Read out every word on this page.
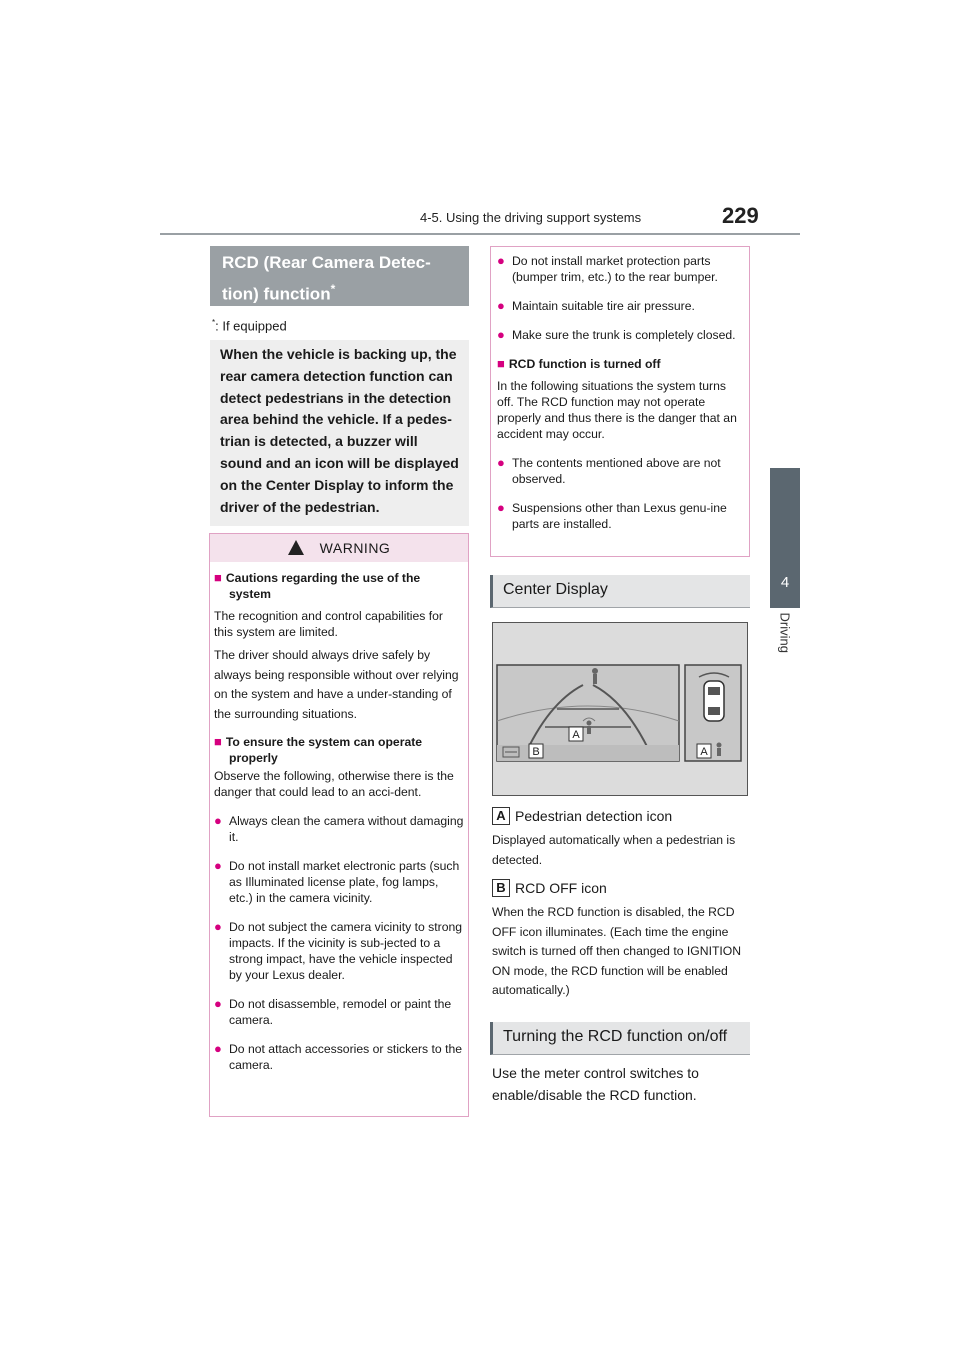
4-5. Using the driving support systems	229
4
Driving
RCD (Rear Camera Detec-
tion) function*
*: If equipped
When the vehicle is backing up, the
rear camera detection function can
detect pedestrians in the detection
area behind the vehicle. If a pedes-
trian is detected, a buzzer will
sound and an icon will be displayed
on the Center Display to inform the
driver of the pedestrian.
WARNING
■ Cautions regarding the use of the system

The recognition and control capabilities for this system are limited.

The driver should always drive safely by always being responsible without over relying on the system and have a under-standing of the surrounding situations.

■ To ensure the system can operate properly

Observe the following, otherwise there is the danger that could lead to an acci-dent.

● Always clean the camera without damaging it.
● Do not install market electronic parts (such as Illuminated license plate, fog lamps, etc.) in the camera vicinity.
● Do not subject the camera vicinity to strong impacts. If the vicinity is sub-jected to a strong impact, have the vehicle inspected by your Lexus dealer.
● Do not disassemble, remodel or paint the camera.
● Do not attach accessories or stickers to the camera.
● Do not install market protection parts (bumper trim, etc.) to the rear bumper.
● Maintain suitable tire air pressure.
● Make sure the trunk is completely closed.
■ RCD function is turned off

In the following situations the system turns off. The RCD function may not operate properly and thus there is the danger that an accident may occur.

● The contents mentioned above are not observed.
● Suspensions other than Lexus genu-ine parts are installed.
Center Display
B
A
A
A Pedestrian detection icon
Displayed automatically when a pedestrian is detected.
B RCD OFF icon
When the RCD function is disabled, the RCD OFF icon illuminates. (Each time the engine switch is turned off then changed to IGNITION ON mode, the RCD function will be enabled automatically.)
Turning the RCD function on/off
Use the meter control switches to enable/disable the RCD function.
